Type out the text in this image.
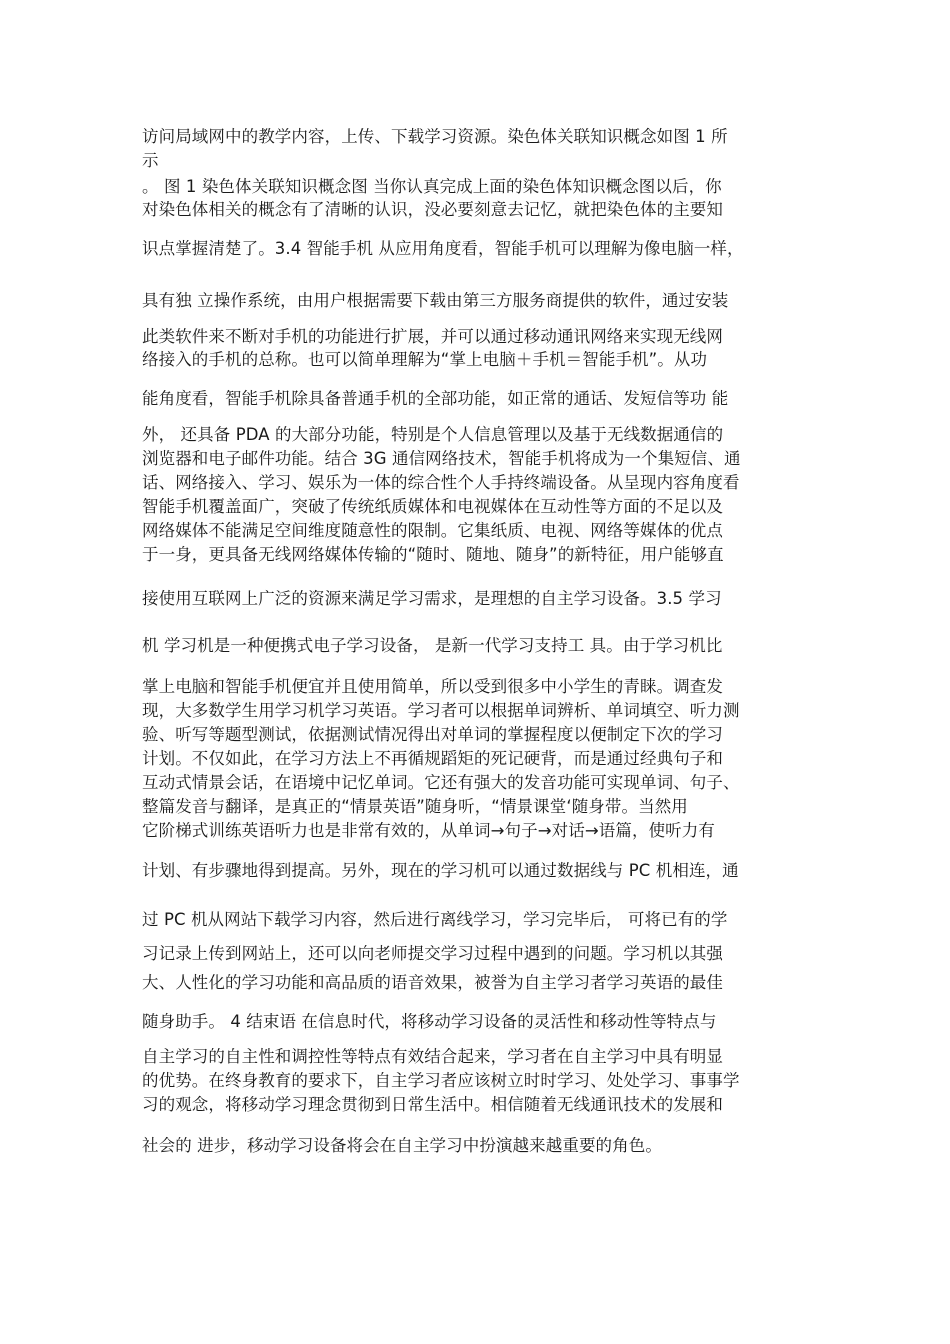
访问局域网中的教学内容，上传、下载学习资源。染色体关联知识概念如图 1 所
示
。 图 1 染色体关联知识概念图 当你认真完成上面的染色体知识概念图以后，你
对染色体相关的概念有了清晰的认识，没必要刻意去记忆，就把染色体的主要知
识点掌握清楚了。3.4 智能手机 从应用角度看，智能手机可以理解为像电脑一样，
具有独 立操作系统，由用户根据需要下载由第三方服务商提供的软件，通过安装
此类软件来不断对手机的功能进行扩展，并可以通过移动通讯网络来实现无线网
络接入的手机的总称。也可以简单理解为“掌上电脑＋手机＝智能手机”。从功
能角度看，智能手机除具备普通手机的全部功能，如正常的通话、发短信等功 能
外， 还具备 PDA 的大部分功能，特别是个人信息管理以及基于无线数据通信的
浏览器和电子邮件功能。结合 3G 通信网络技术，智能手机将成为一个集短信、通
话、网络接入、学习、娱乐为一体的综合性个人手持终端设备。从呈现内容角度看
智能手机覆盖面广，突破了传统纸质媒体和电视媒体在互动性等方面的不足以及
网络媒体不能满足空间维度随意性的限制。它集纸质、电视、网络等媒体的优点
于一身，更具备无线网络媒体传输的“随时、随地、随身”的新特征，用户能够直
接使用互联网上广泛的资源来满足学习需求，是理想的自主学习设备。3.5 学习
机 学习机是一种便携式电子学习设备， 是新一代学习支持工 具。由于学习机比
掌上电脑和智能手机便宜并且使用简单，所以受到很多中小学生的青睐。调查发
现，大多数学生用学习机学习英语。学习者可以根据单词辨析、单词填空、听力测
验、听写等题型测试，依据测试情况得出对单词的掌握程度以便制定下次的学习
计划。不仅如此，在学习方法上不再循规蹈矩的死记硬背，而是通过经典句子和
互动式情景会话，在语境中记忆单词。它还有强大的发音功能可实现单词、句子、
整篇发音与翻译，是真正的“情景英语”随身听，“情景课堂‘随身带。当然用
它阶梯式训练英语听力也是非常有效的，从单词→句子→对话→语篇，使听力有
计划、有步骤地得到提高。另外，现在的学习机可以通过数据线与 PC 机相连，通
过 PC 机从网站下载学习内容，然后进行离线学习，学习完毕后， 可将已有的学
习记录上传到网站上，还可以向老师提交学习过程中遇到的问题。学习机以其强
大、人性化的学习功能和高品质的语音效果，被誉为自主学习者学习英语的最佳
随身助手。 4 结束语 在信息时代，将移动学习设备的灵活性和移动性等特点与
自主学习的自主性和调控性等特点有效结合起来，学习者在自主学习中具有明显
的优势。在终身教育的要求下，自主学习者应该树立时时学习、处处学习、事事学
习的观念，将移动学习理念贯彻到日常生活中。相信随着无线通讯技术的发展和
社会的 进步，移动学习设备将会在自主学习中扮演越来越重要的角色。
